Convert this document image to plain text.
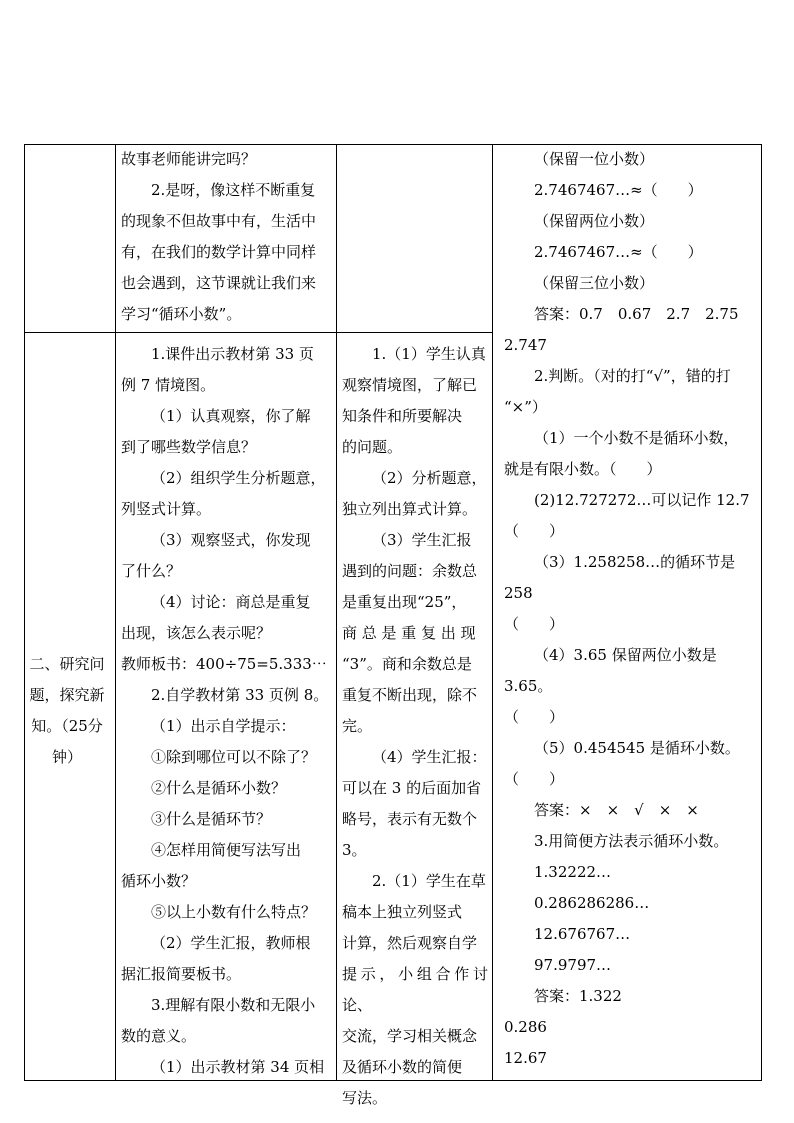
故事老师能讲完吗？

2.是呀，像这样不断重复

的现象不但故事中有，生活中

有，在我们的数学计算中同样

也会遇到，这节课就让我们来

学习“循环小数”。

二、研究问题，探究新知。（25分钟）

1.课件出示教材第 33 页

例 7 情境图。

（1）认真观察，你了解

到了哪些数学信息？

（2）组织学生分析题意，

列竖式计算。

（3）观察竖式，你发现

了什么？

（4）讨论：商总是重复

出现，该怎么表示呢？

教师板书：400÷75=5.333⋯

2.自学教材第 33 页例 8。

（1）出示自学提示：

①除到哪位可以不除了？

②什么是循环小数？

③什么是循环节？

④怎样用简便写法写出

循环小数？

⑤以上小数有什么特点？

（2）学生汇报，教师根

据汇报简要板书。

3.理解有限小数和无限小

数的意义。

（1）出示教材第 34 页相

1.（1）学生认真

观察情境图，了解已

知条件和所要解决

的问题。

（2）分析题意，

独立列出算式计算。

（3）学生汇报

遇到的问题：余数总

是重复出现“25”，

商 总 是 重 复 出 现

“3”。商和余数总是

重复不断出现，除不

完。

（4）学生汇报：

可以在 3 的后面加省

略号，表示有无数个

3。

2.（1）学生在草

稿本上独立列竖式

计算，然后观察自学

提示，小组合作讨论、

交流，学习相关概念

及循环小数的简便

写法。

（保留一位小数）

2.7467467…≈（　　）

（保留两位小数）

2.7467467…≈（　　）

（保留三位小数）

答案：0.7　0.67　2.7　2.75

2.747

2.判断。（对的打“√”，错的打

“×”）

（1）一个小数不是循环小数，

就是有限小数。（　　）

(2)12.727272…可以记作 12.7

（　　）

（3）1.258258…的循环节是 258

（　　）

（4）3.65 保留两位小数是 3.65。

（　　）

（5）0.454545 是循环小数。

（　　）

答案：×　×　√　×　×

3.用简便方法表示循环小数。

1.32222…

0.286286286…

12.676767…

97.9797…

答案：1.322

0.286

12.67
